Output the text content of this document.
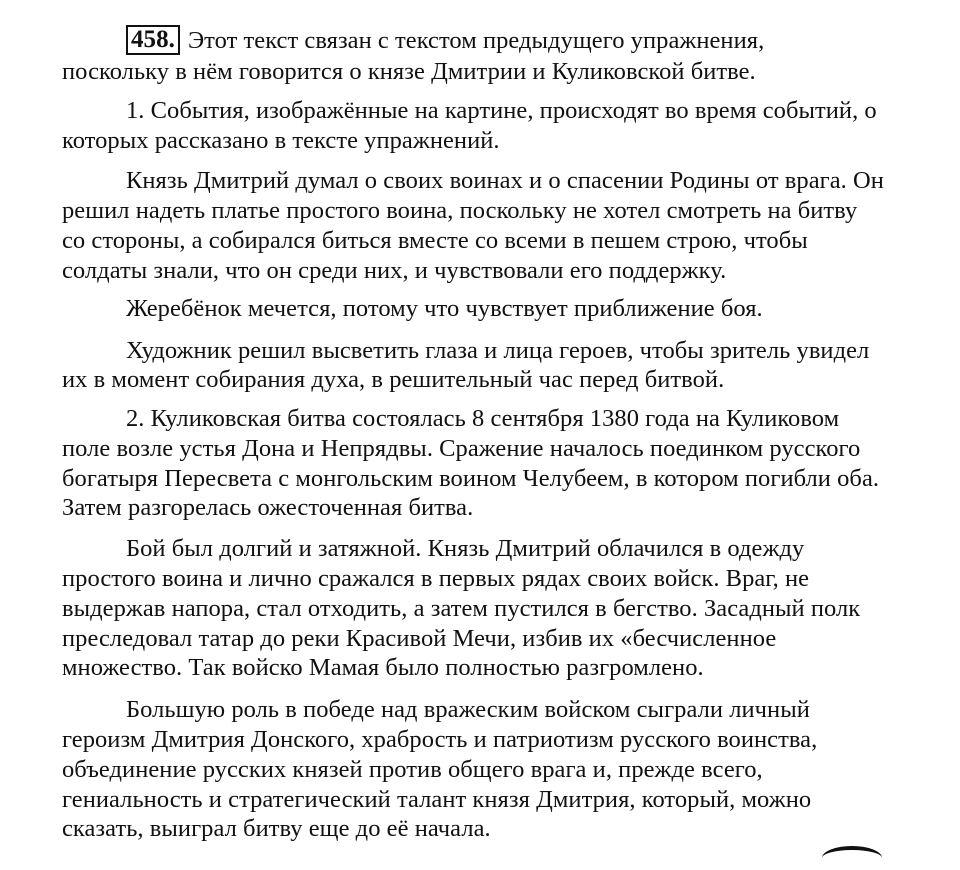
458. Этот текст связан с текстом предыдущего упражнения,
поскольку в нём говорится о князе Дмитрии и Куликовской битве.
1. События, изображённые на картине, происходят во время событий, о
которых рассказано в тексте упражнений.
Князь Дмитрий думал о своих воинах и о спасении Родины от врага. Он
решил надеть платье простого воина, поскольку не хотел смотреть на битву
со стороны, а собирался биться вместе со всеми в пешем строю, чтобы
солдаты знали, что он среди них, и чувствовали его поддержку.
Жеребёнок мечется, потому что чувствует приближение боя.
Художник решил высветить глаза и лица героев, чтобы зритель увидел
их в момент собирания духа, в решительный час перед битвой.
2. Куликовская битва состоялась 8 сентября 1380 года на Куликовом
поле возле устья Дона и Непрядвы. Сражение началось поединком русского
богатыря Пересвета с монгольским воином Челубеем, в котором погибли оба.
Затем разгорелась ожесточенная битва.
Бой был долгий и затяжной. Князь Дмитрий облачился в одежду
простого воина и лично сражался в первых рядах своих войск. Враг, не
выдержав напора, стал отходить, а затем пустился в бегство. Засадный полк
преследовал татар до реки Красивой Мечи, избив их «бесчисленное
множество. Так войско Мамая было полностью разгромлено.
Большую роль в победе над вражеским войском сыграли личный
героизм Дмитрия Донского, храбрость и патриотизм русского воинства,
объединение русских князей против общего врага и, прежде всего,
гениальность и стратегический талант князя Дмитрия, который, можно
сказать, выиграл битву еще до её начала.
